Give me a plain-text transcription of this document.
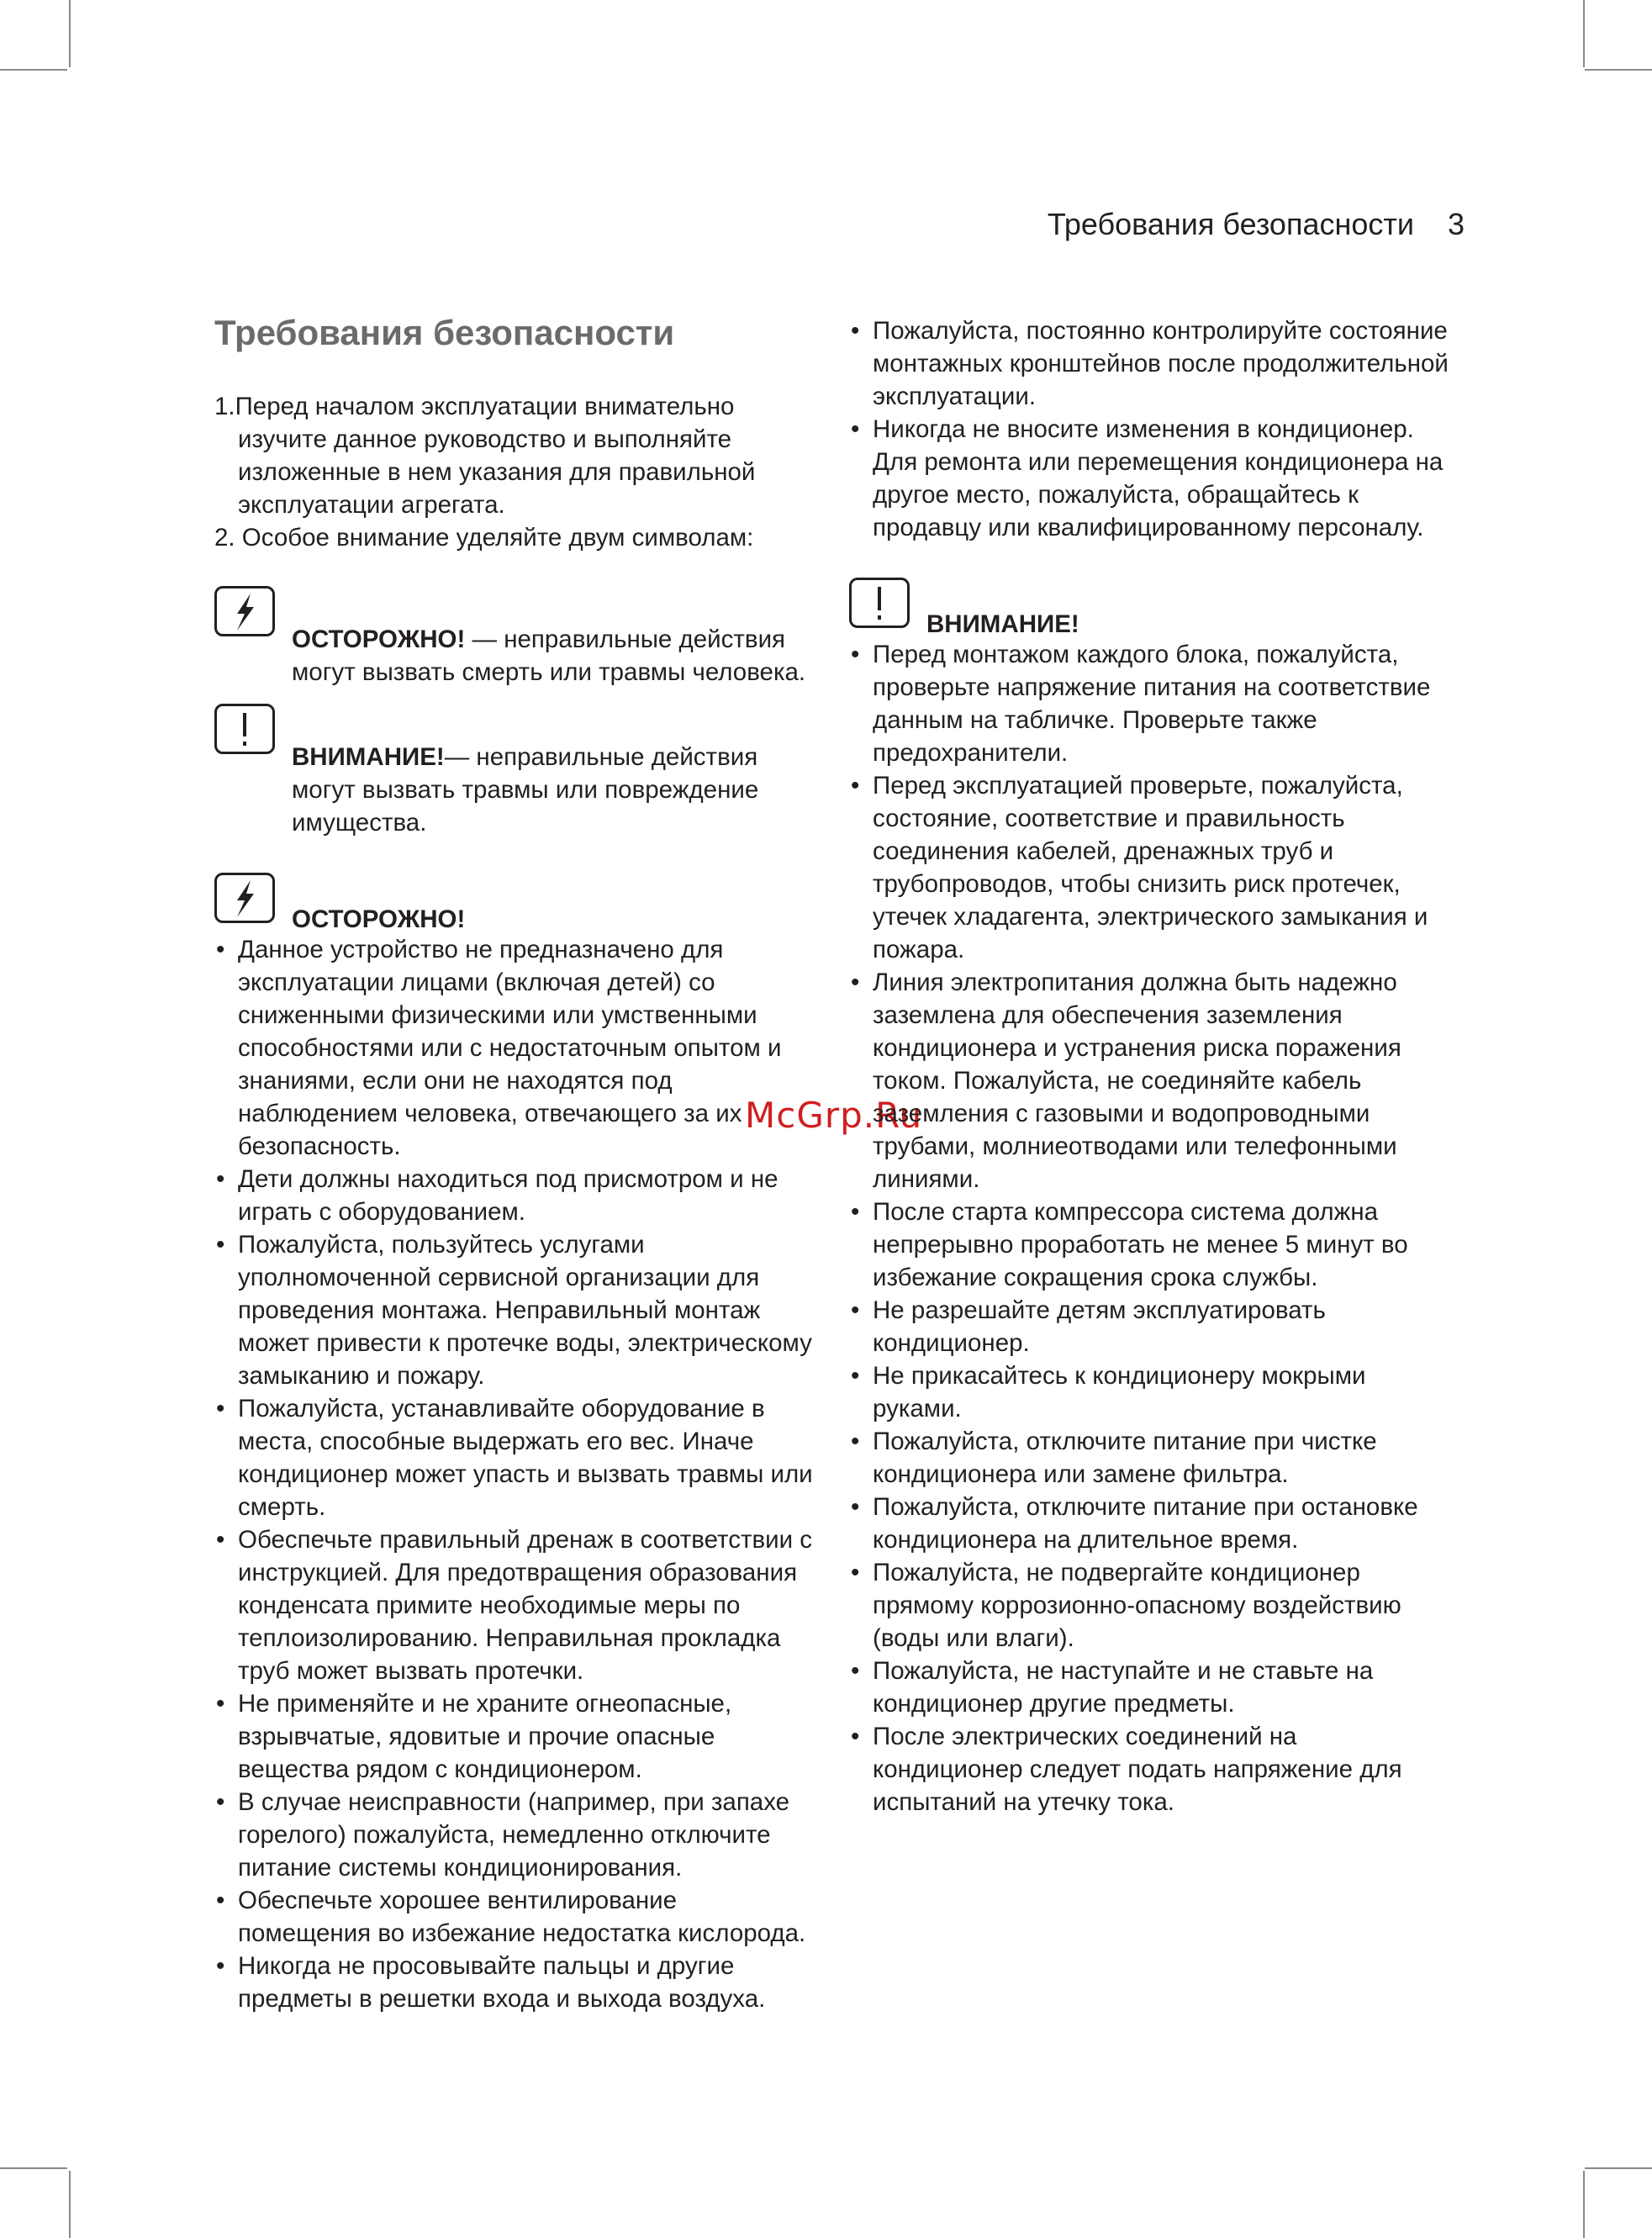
Требования безопасности 3
McGrp.Ru
Требования безопасности
1.Перед началом эксплуатации внимательно изучите данное руководство и выполняйте изложенные в нем указания для правильной эксплуатации агрегата.
2. Особое внимание уделяйте двум символам:

ОСТОРОЖНО! — неправильные действия могут вызвать смерть или травмы человека.

ВНИМАНИЕ!— неправильные действия могут вызвать травмы или повреждение имущества.

ОСТОРОЖНО!
• Данное устройство не предназначено для эксплуатации лицами (включая детей) со сниженными физическими или умственными способностями или с недостаточным опытом и знаниями, если они не находятся под наблюдением человека, отвечающего за их безопасность.
• Дети должны находиться под присмотром и не играть с оборудованием.
• Пожалуйста, пользуйтесь услугами уполномоченной сервисной организации для проведения монтажа. Неправильный монтаж может привести к протечке воды, электрическому замыканию и пожару.
• Пожалуйста, устанавливайте оборудование в места, способные выдержать его вес. Иначе кондиционер может упасть и вызвать травмы или смерть.
• Обеспечьте правильный дренаж в соответствии с инструкцией. Для предотвращения образования конденсата примите необходимые меры по теплоизолированию. Неправильная прокладка труб может вызвать протечки.
• Не применяйте и не храните огнеопасные, взрывчатые, ядовитые и прочие опасные вещества рядом с кондиционером.
• В случае неисправности (например, при запахе горелого) пожалуйста, немедленно отключите питание системы кондиционирования.
• Обеспечьте хорошее вентилирование помещения во избежание недостатка кислорода.
• Никогда не просовывайте пальцы и другие предметы в решетки входа и выхода воздуха.
• Пожалуйста, постоянно контролируйте состояние монтажных кронштейнов после продолжительной эксплуатации.
• Никогда не вносите изменения в кондиционер. Для ремонта или перемещения кондиционера на другое место, пожалуйста, обращайтесь к продавцу или квалифицированному персоналу.
ВНИМАНИЕ!
• Перед монтажом каждого блока, пожалуйста, проверьте напряжение питания на соответствие данным на табличке. Проверьте также предохранители.
• Перед эксплуатацией проверьте, пожалуйста, состояние, соответствие и правильность соединения кабелей, дренажных труб и трубопроводов, чтобы снизить риск протечек, утечек хладагента, электрического замыкания и пожара.
• Линия электропитания должна быть надежно заземлена для обеспечения заземления кондиционера и устранения риска поражения током. Пожалуйста, не соединяйте кабель заземления с газовыми и водопроводными трубами, молниеотводами или телефонными линиями.
• После старта компрессора система должна непрерывно проработать не менее 5 минут во избежание сокращения срока службы.
• Не разрешайте детям эксплуатировать кондиционер.
• Не прикасайтесь к кондиционеру мокрыми руками.
• Пожалуйста, отключите питание при чистке кондиционера или замене фильтра.
• Пожалуйста, отключите питание при остановке кондиционера на длительное время.
• Пожалуйста, не подвергайте кондиционер прямому коррозионно-опасному воздействию (воды или влаги).
• Пожалуйста, не наступайте и не ставьте на кондиционер другие предметы.
• После электрических соединений на кондиционер следует подать напряжение для испытаний на утечку тока.
